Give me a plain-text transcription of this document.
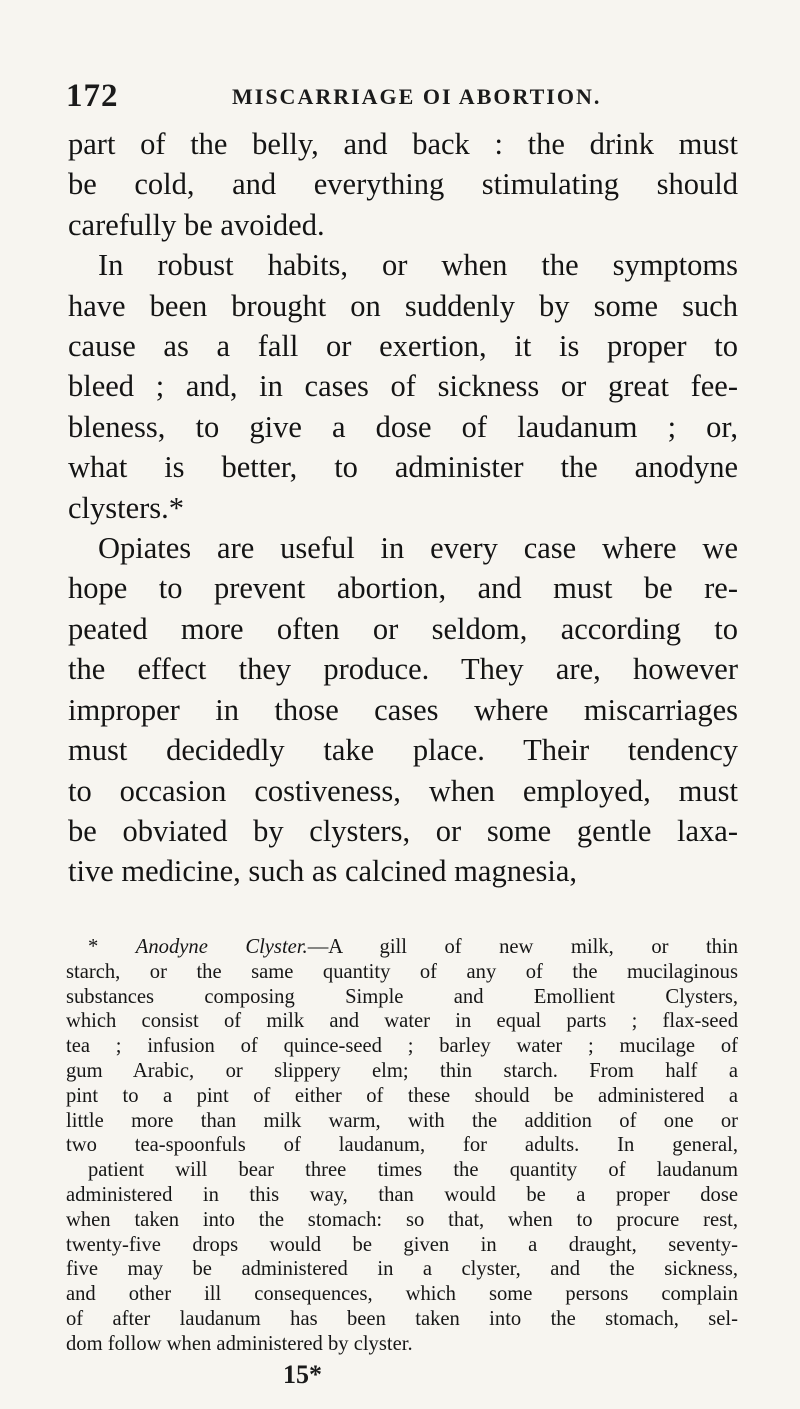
172	MISCARRIAGE OI ABORTION.

part of the belly, and back : the drink must

be cold, and everything stimulating should

carefully be avoided.

In robust habits, or when the symptoms

have been brought on suddenly by some such

cause as a fall or exertion, it is proper to

bleed ; and, in cases of sickness or great fee-

bleness, to give a dose of laudanum ; or,

what is better, to administer the anodyne

clysters.*

Opiates are useful in every case where we

hope to prevent abortion, and must be re-

peated more often or seldom, according to

the effect they produce. They are, however

improper in those cases where miscarriages

must decidedly take place. Their tendency

to occasion costiveness, when employed, must

be obviated by clysters, or some gentle laxa-

tive medicine, such as calcined magnesia,

* Anodyne Clyster.—A gill of new milk, or thin

starch, or the same quantity of any of the mucilaginous

substances composing Simple and Emollient Clysters,

which consist of milk and water in equal parts ; flax-seed

tea ; infusion of quince-seed ; barley water ; mucilage of

gum Arabic, or slippery elm; thin starch. From half a

pint to a pint of either of these should be administered a

little more than milk warm, with the addition of one or

two tea-spoonfuls of laudanum, for adults. In general,

patient will bear three times the quantity of laudanum

administered in this way, than would be a proper dose

when taken into the stomach: so that, when to procure rest,

twenty-five drops would be given in a draught, seventy-

five may be administered in a clyster, and the sickness,

and other ill consequences, which some persons complain

of after laudanum has been taken into the stomach, sel-

dom follow when administered by clyster.

15*
